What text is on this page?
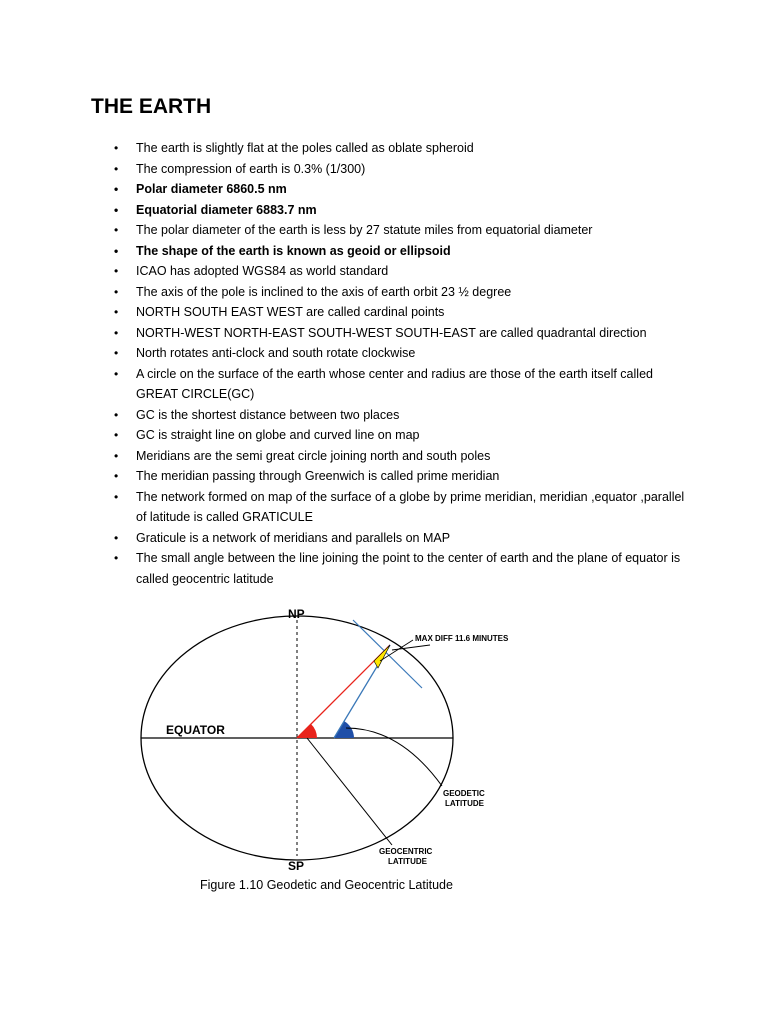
THE EARTH
• The earth is slightly flat at the poles called as oblate spheroid
• The compression of earth is 0.3% (1/300)
• Polar diameter 6860.5 nm
• Equatorial diameter 6883.7 nm
• The polar diameter of the earth is less by 27 statute miles from equatorial diameter
• The shape of the earth is known as geoid or ellipsoid
• ICAO has adopted WGS84 as world standard
• The axis of the pole is inclined to the axis of earth orbit 23 ½ degree
• NORTH SOUTH EAST WEST are called cardinal points
• NORTH-WEST NORTH-EAST SOUTH-WEST SOUTH-EAST are called quadrantal direction
• North rotates anti-clock and south rotate clockwise
• A circle on the surface of the earth whose center and radius are those of the earth itself called GREAT CIRCLE(GC)
• GC is the shortest distance between two places
• GC is straight line on globe and curved line on map
• Meridians are the semi great circle joining north and south poles
• The meridian passing through Greenwich is called prime meridian
• The network formed on map of the surface of a globe by prime meridian, meridian ,equator ,parallel of latitude is called GRATICULE
• Graticule is a network of meridians and parallels on MAP
• The small angle between the line joining the point to the center of earth and the plane of equator is called geocentric latitude
NP
SP
EQUATOR
MAX DIFF 11.6 MINUTES
GEODETIC
LATITUDE
GEOCENTRIC
LATITUDE
Figure 1.10 Geodetic and Geocentric Latitude
